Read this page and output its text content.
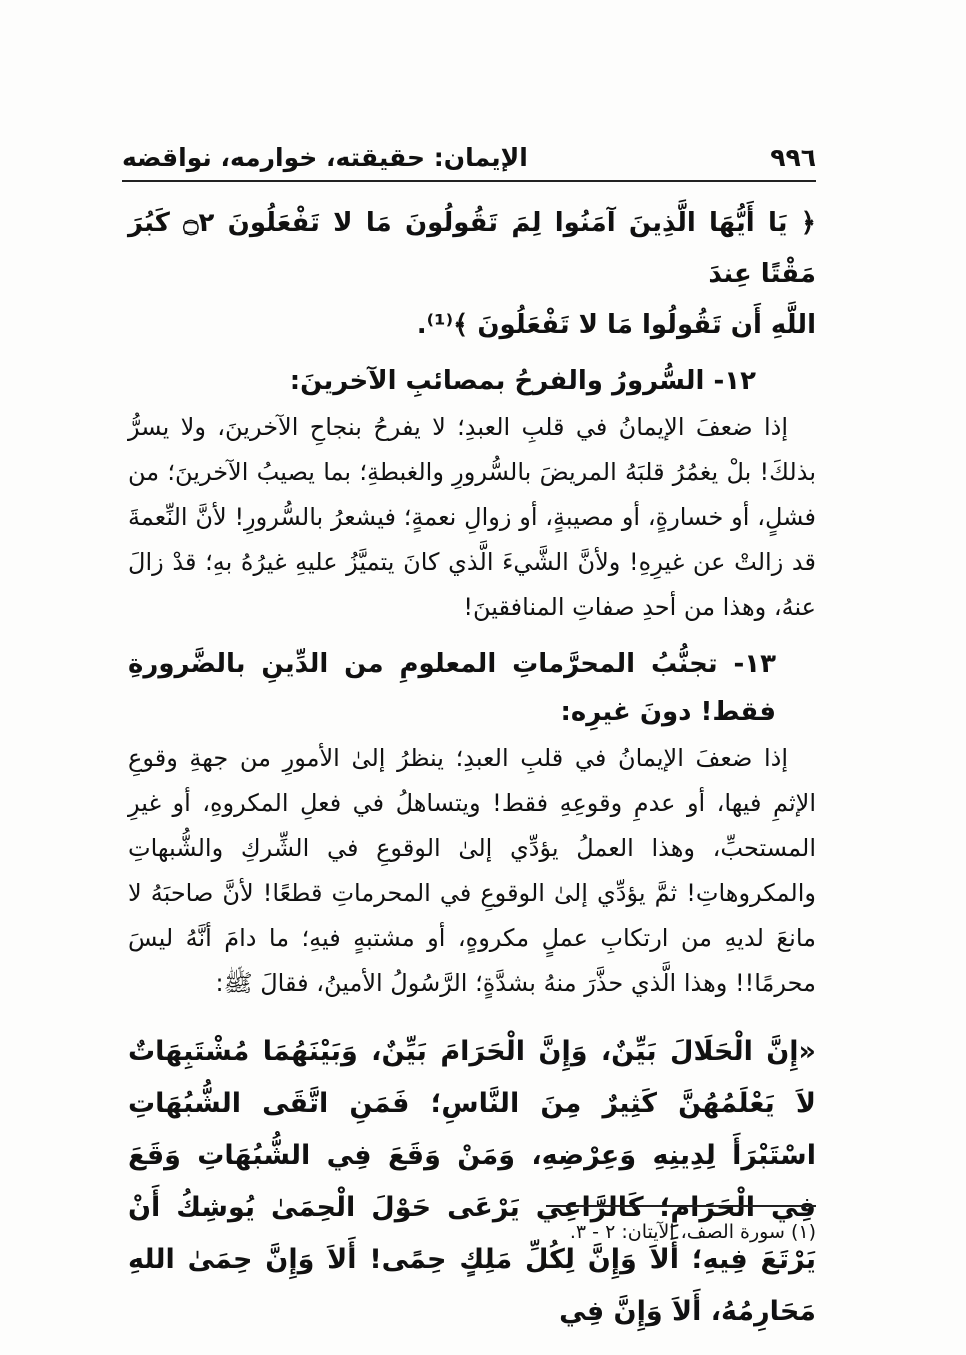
٩٩٦
الإيمان: حقيقته، خوارمه، نواقضه

﴿ يَا أَيُّهَا الَّذِينَ آمَنُوا لِمَ تَقُولُونَ مَا لا تَفْعَلُونَ ۝٢ كَبُرَ مَقْتًا عِندَ

اللَّهِ أَن تَقُولُوا مَا لا تَفْعَلُونَ ﴾⁽¹⁾.

١٢- السُّرورُ والفرحُ بمصائبِ الآخرينَ:

إذا ضعفَ الإيمانُ في قلبِ العبدِ؛ لا يفرحُ بنجاحِ الآخرينَ، ولا يسرُّ بذلكَ! بلْ يغمُرُ قلبَهُ المريضَ بالسُّرورِ والغبطةِ؛ بما يصيبُ الآخرينَ؛ من فشلٍ، أو خسارةٍ، أو مصيبةٍ، أو زوالِ نعمةٍ؛ فيشعرُ بالسُّرورِ! لأنَّ النِّعمةَ قد زالتْ عن غيرِهِ! ولأنَّ الشَّيءَ الَّذي كانَ يتميَّزُ عليهِ غيرُهُ بهِ؛ قدْ زالَ عنهُ، وهذا من أحدِ صفاتِ المنافقينَ!

١٣- تجنُّبُ المحرَّماتِ المعلومِ من الدِّينِ بالضَّرورةِ فقط! دونَ غيرِه:

إذا ضعفَ الإيمانُ في قلبِ العبدِ؛ ينظرُ إلىٰ الأمورِ من جهةِ وقوعِ الإثمِ فيها، أو عدمِ وقوعِهِ فقط! ويتساهلُ في فعلِ المكروهِ، أو غيرِ المستحبِّ، وهذا العملُ يؤدِّي إلىٰ الوقوعِ في الشِّركِ والشُّبهاتِ والمكروهاتِ! ثمَّ يؤدِّي إلىٰ الوقوعِ في المحرماتِ قطعًا! لأنَّ صاحبَهُ لا مانعَ لديهِ من ارتكابِ عملٍ مكروهٍ، أو مشتبهٍ فيهِ؛ ما دامَ أنَّهُ ليسَ محرمًا!! وهذا الَّذي حذَّرَ منهُ بشدَّةٍ؛ الرَّسُولُ الأمينُ، فقالَ ﷺ:

«إِنَّ الْحَلَالَ بَيِّنٌ، وَإِنَّ الْحَرَامَ بَيِّنٌ، وَبَيْنَهُمَا مُشْتَبِهَاتٌ لاَ يَعْلَمُهُنَّ كَثِيرٌ مِنَ النَّاسِ؛ فَمَنِ اتَّقَى الشُّبُهَاتِ اسْتَبْرَأَ لِدِينِهِ وَعِرْضِهِ، وَمَنْ وَقَعَ فِي الشُّبُهَاتِ وَقَعَ فِي الْحَرَامِ؛ كَالرَّاعِي يَرْعَى حَوْلَ الْحِمَىٰ يُوشِكُ أَنْ يَرْتَعَ فِيهِ؛ أَلاَ وَإِنَّ لِكُلِّ مَلِكٍ حِمًى! أَلاَ وَإِنَّ حِمَىٰ اللهِ مَحَارِمُهُ، أَلاَ وَإِنَّ فِي

(١) سورة الصف، الآيتان: ٢ - ٣.
